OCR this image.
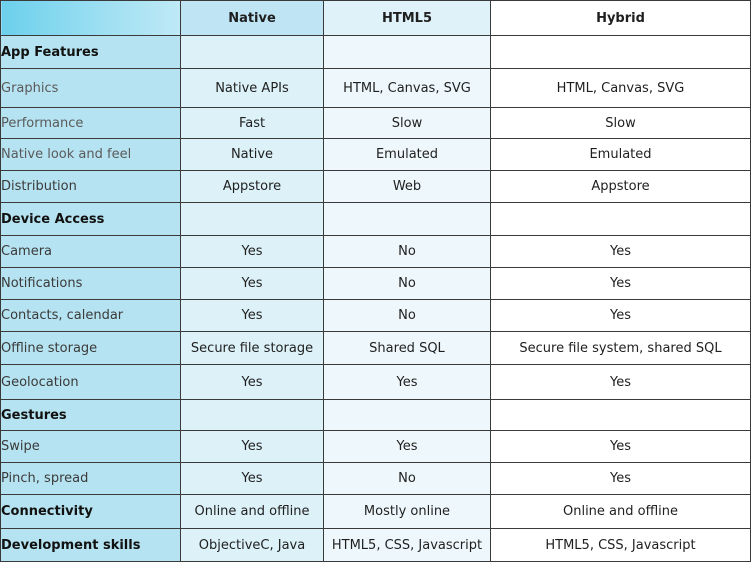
	Native	HTML5	Hybrid
App Features			
Graphics	Native APIs	HTML, Canvas, SVG	HTML, Canvas, SVG
Performance	Fast	Slow	Slow
Native look and feel	Native	Emulated	Emulated
Distribution	Appstore	Web	Appstore
Device Access			
Camera	Yes	No	Yes
Notifications	Yes	No	Yes
Contacts, calendar	Yes	No	Yes
Offline storage	Secure file storage	Shared SQL	Secure file system, shared SQL
Geolocation	Yes	Yes	Yes
Gestures			
Swipe	Yes	Yes	Yes
Pinch, spread	Yes	No	Yes
Connectivity	Online and offline	Mostly online	Online and offline
Development skills	ObjectiveC, Java	HTML5, CSS, Javascript	HTML5, CSS, Javascript
